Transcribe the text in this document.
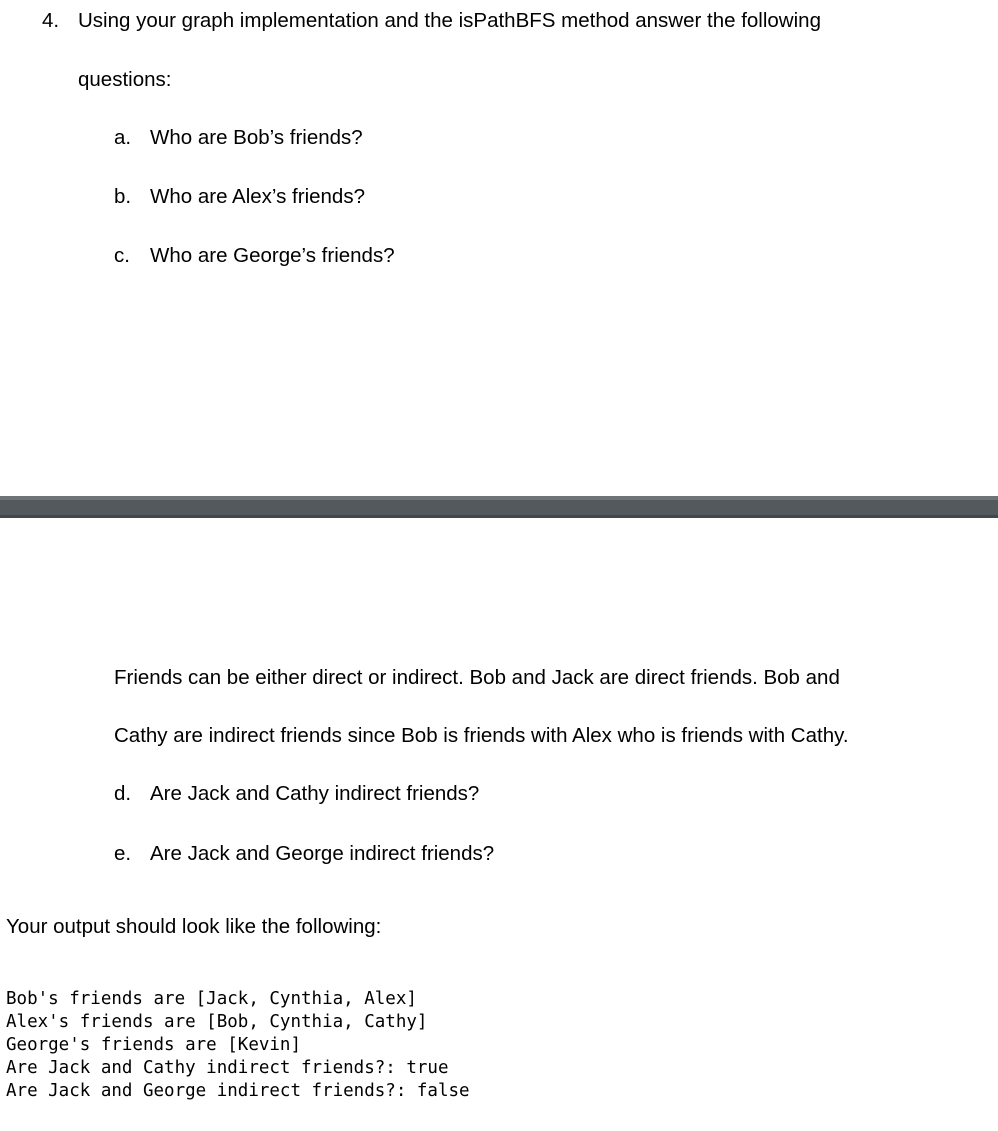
4. Using your graph implementation and the isPathBFS method answer the following
questions:
a. Who are Bob’s friends?
b. Who are Alex’s friends?
c. Who are George’s friends?
Friends can be either direct or indirect. Bob and Jack are direct friends. Bob and
Cathy are indirect friends since Bob is friends with Alex who is friends with Cathy.
d. Are Jack and Cathy indirect friends?
e. Are Jack and George indirect friends?
Your output should look like the following:
Bob's friends are [Jack, Cynthia, Alex]
Alex's friends are [Bob, Cynthia, Cathy]
George's friends are [Kevin]
Are Jack and Cathy indirect friends?: true
Are Jack and George indirect friends?: false
